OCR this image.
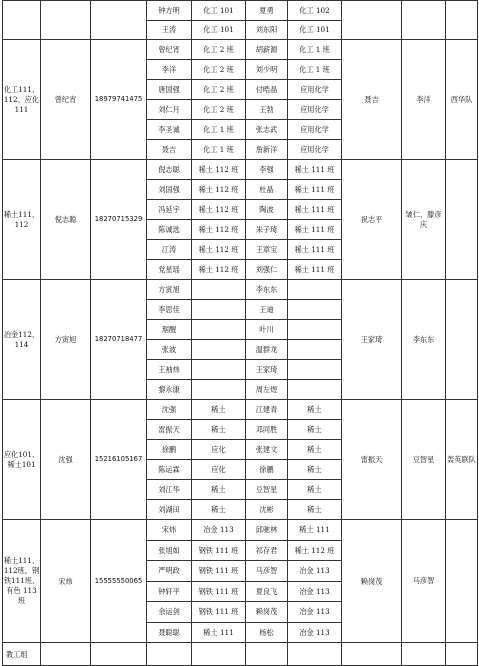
			钟方明	化工 101	夏勇	化工 102			
			王涛	化工 101	刘东阳	化工 101			
化工111、112、应化 111	曾纪宵	18979741475	曾纪宵	化工 2 班	胡薪源	化工 1 班	聂吉	李洋	西华队
			李洋	化工 2 班	刘少明	化工 1 班			
			唐国强	化工 2 班	付晧晶	应用化学			
			刘仁月	化工 2 班	王勃	应用化学			
			李圣诚	化工 1 班	张志武	应用化学			
			聂吉	化工 1 班	詹新洋	应用化学			
稀土111、112	倪志聪	18270715329	倪志聪	稀土 112 班	李强	稀土 111 班	祝志平	皱仁、滕彦庆	
			刘国强	稀土 112 班	杜晶	稀土 111 班			
			冯延宇	稀土 112 班	陶波	稀土 111 班			
			陈诚选	稀土 112 班	朱子琦	稀土 111 班			
			江涛	稀土 112 班	王章宝	稀土 111 班			
			党星瑶	稀土 112 班	刘强仁	稀土 111 班			
冶金112、114	方寅旭	18270718477	方寅旭		李东东		王家琦	李东东	
			李思佳		王迪				
			琚醒		叶川				
			张波		温群龙				
			王袖炜		王家琦				
			黎永康		周左煜				
应化101、稀土101	沈强	15216105167	沈强	稀土	江建青	稀土	雷振天	豆智星	轰英联队
			雷振天	稀土	邓同胜	稀土			
			徐鹏	应化	张建文	稀土			
			陈运霖	应化	徐鹏	稀土			
			刘江华	稀土	豆智星	稀土			
			刘湖田	稀土	沈彬	稀土			
稀土111、112班，钢铁111班、有色 113班	宋炜	15555550065	宋炜	冶金 113	邱驰林	稀土 111	赖岗茂	马彦智	
			张旭如	钢铁 111 班	祁存君	稀土 112 班			
			严明政	钢铁 111 班	马彦智	冶金 113			
			钟轩平	钢铁 111 班	夏良飞	冶金 113			
			余运剑	钢铁 111 班	赖岗茂	冶金 113			
			聂聪聪	稀土 111	杨松	冶金 113			
教工组									
